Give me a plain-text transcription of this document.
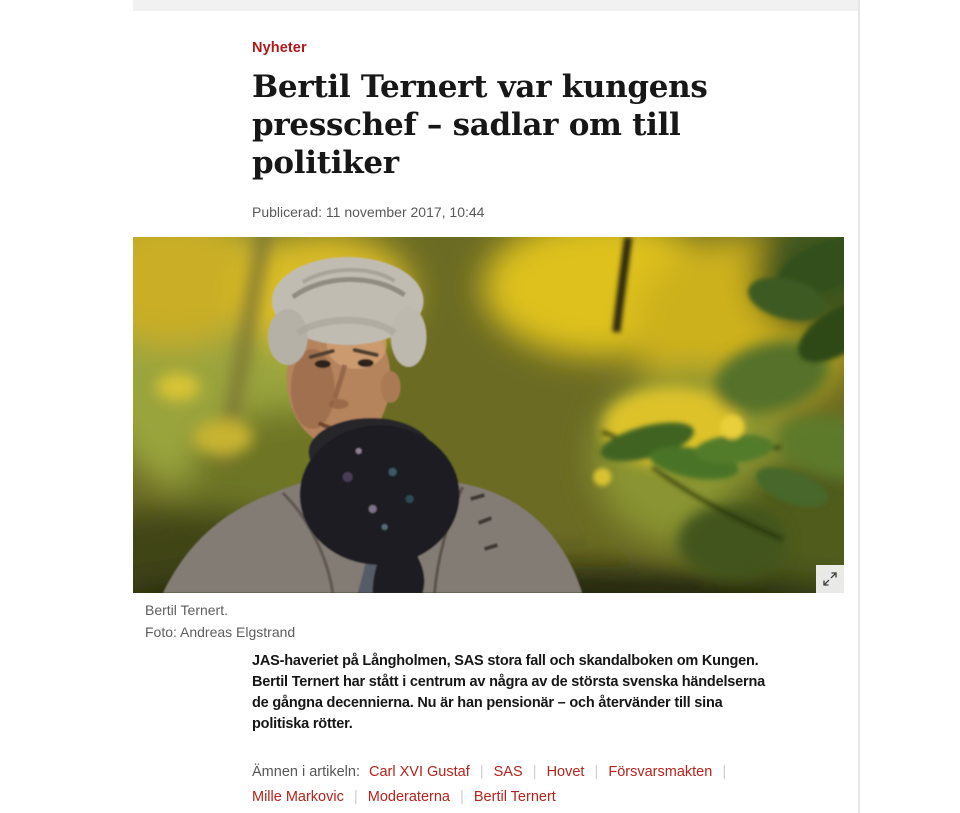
Nyheter
Bertil Ternert var kungens
presschef – sadlar om till
politiker
Publicerad: 11 november 2017, 10:44
Bertil Ternert.
Foto: Andreas Elgstrand

JAS-haveriet på Långholmen, SAS stora fall och skandalboken om Kungen. Bertil Ternert har stått i centrum av några av de största svenska händelserna de gångna decennierna. Nu är han pensionär – och återvänder till sina politiska rötter.

Ämnen i artikeln: Carl XVI Gustaf | SAS | Hovet | Försvarsmakten |
Mille Markovic | Moderaterna | Bertil Ternert
